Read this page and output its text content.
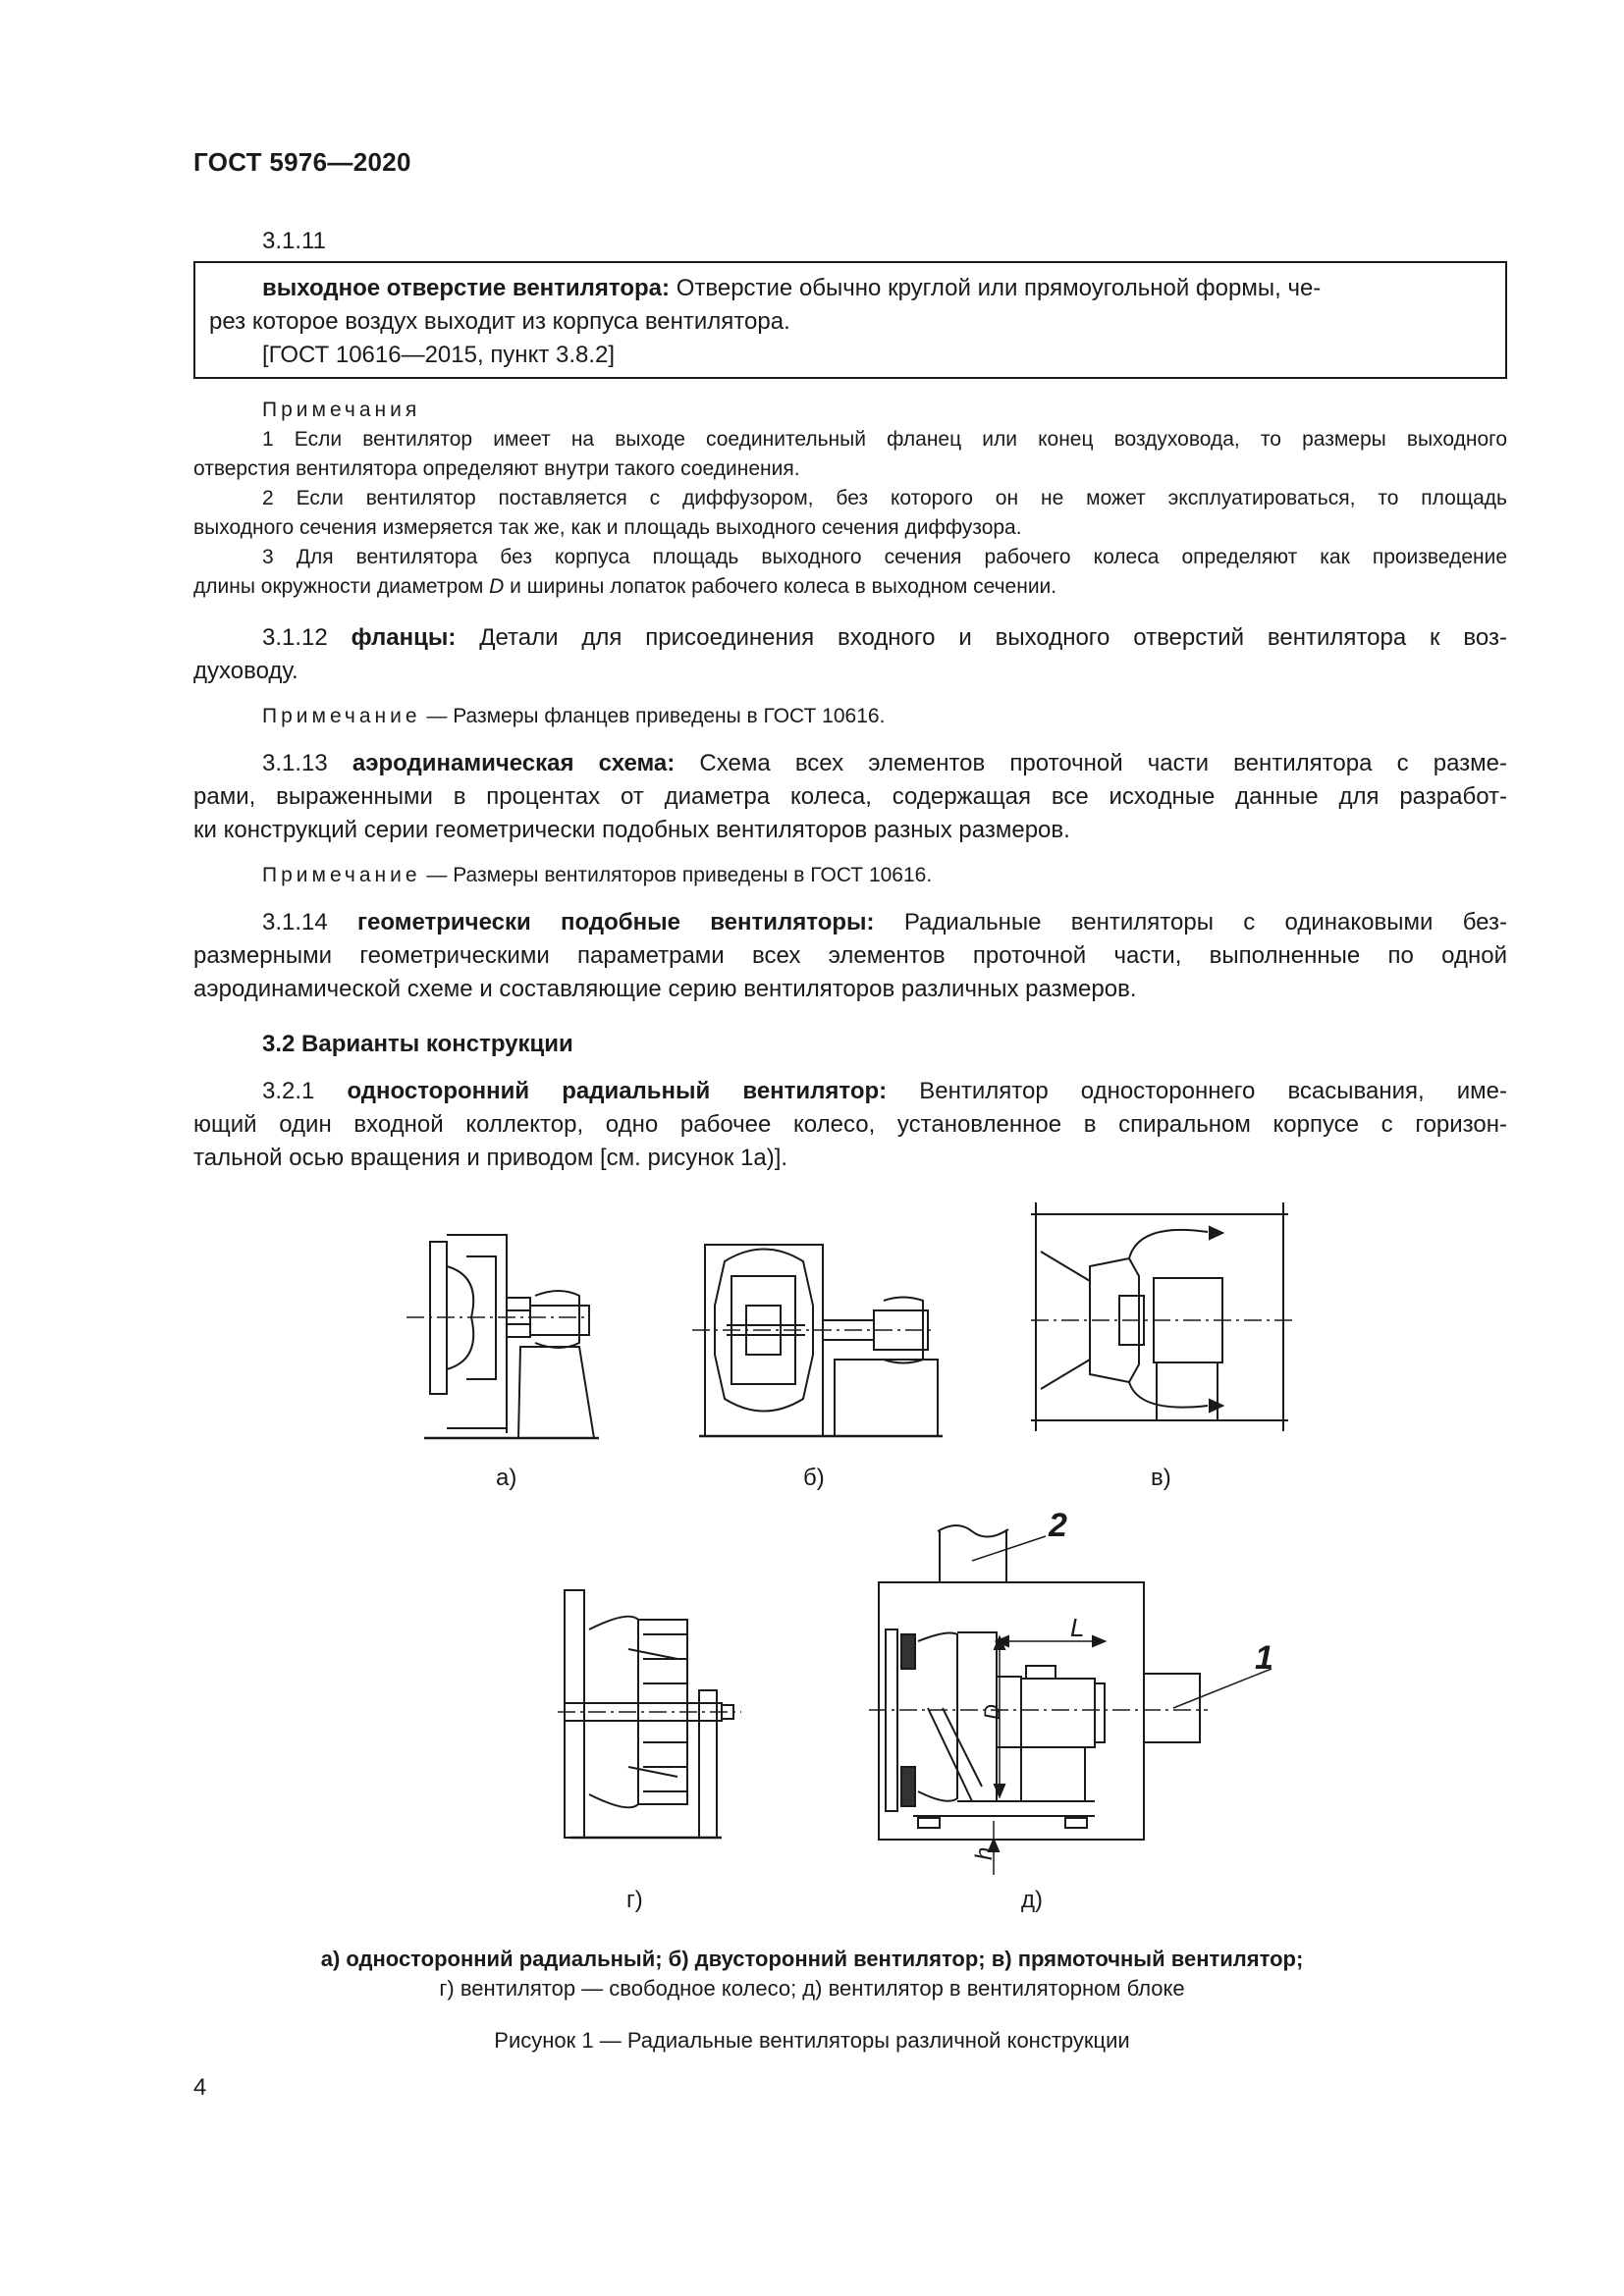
ГОСТ 5976—2020
3.1.11
выходное отверстие вентилятора: Отверстие обычно круглой или прямоугольной формы, че-
рез которое воздух выходит из корпуса вентилятора.
[ГОСТ 10616—2015, пункт 3.8.2]
Примечания
1 Если вентилятор имеет на выходе соединительный фланец или конец воздуховода, то размеры выходного
отверстия вентилятора определяют внутри такого соединения.
2 Если вентилятор поставляется с диффузором, без которого он не может эксплуатироваться, то площадь
выходного сечения измеряется так же, как и площадь выходного сечения диффузора.
3 Для вентилятора без корпуса площадь выходного сечения рабочего колеса определяют как произведение
длины окружности диаметром D и ширины лопаток рабочего колеса в выходном сечении.
3.1.12 фланцы: Детали для присоединения входного и выходного отверстий вентилятора к воз-
духоводу.
Примечание — Размеры фланцев приведены в ГОСТ 10616.
3.1.13 аэродинамическая схема: Схема всех элементов проточной части вентилятора с разме-
рами, выраженными в процентах от диаметра колеса, содержащая все исходные данные для разработ-
ки конструкций серии геометрически подобных вентиляторов разных размеров.
Примечание — Размеры вентиляторов приведены в ГОСТ 10616.
3.1.14 геометрически подобные вентиляторы: Радиальные вентиляторы с одинаковыми без-
размерными геометрическими параметрами всех элементов проточной части, выполненные по одной
аэродинамической схеме и составляющие серию вентиляторов различных размеров.
3.2 Варианты конструкции
3.2.1 односторонний радиальный вентилятор: Вентилятор одностороннего всасывания, име-
ющий один входной коллектор, одно рабочее колесо, установленное в спиральном корпусе с горизон-
тальной осью вращения и приводом [см. рисунок 1а)].
L
D
h
2
1
а)	б)	в)
г)	д)
а) односторонний радиальный; б) двусторонний вентилятор; в) прямоточный вентилятор;
г) вентилятор — свободное колесо; д) вентилятор в вентиляторном блоке
Рисунок 1 — Радиальные вентиляторы различной конструкции
4
